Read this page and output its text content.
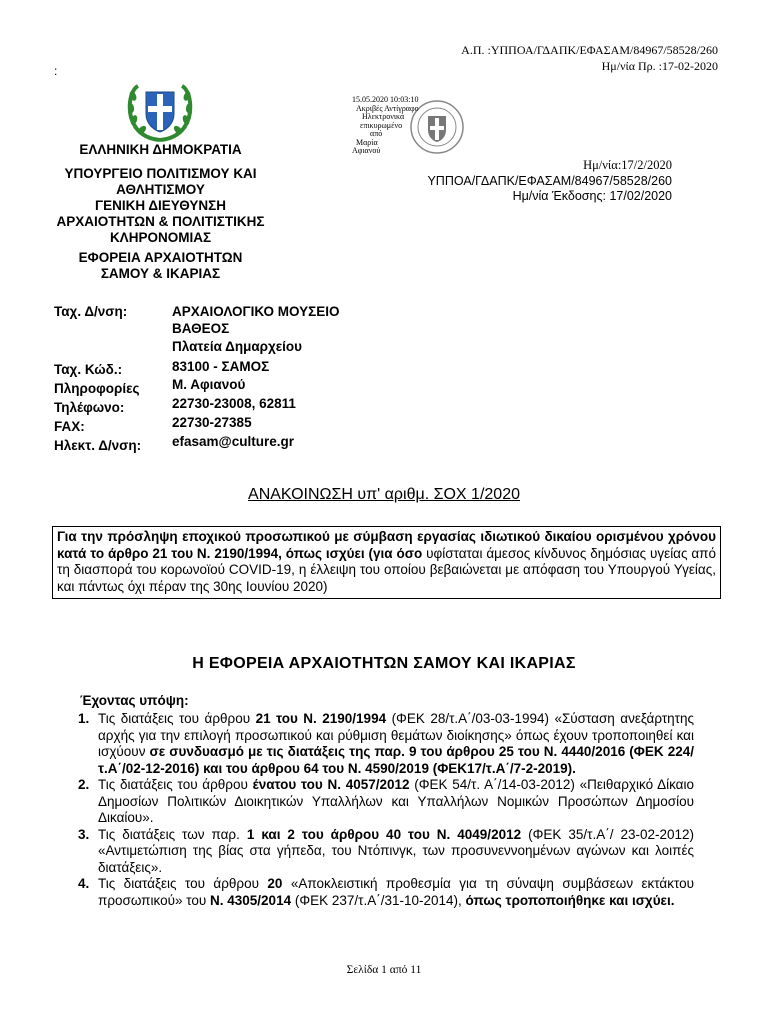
Α.Π. :ΥΠΠΟΑ/ΓΔΑΠΚ/ΕΦΑΣΑΜ/84967/58528/260
Ημ/νία Πρ. :17-02-2020
:
ΕΛΛΗΝΙΚΗ ΔΗΜΟΚΡΑΤΙΑ
ΥΠΟΥΡΓΕΙΟ ΠΟΛΙΤΙΣΜΟΥ ΚΑΙ
ΑΘΛΗΤΙΣΜΟΥ
ΓΕΝΙΚΗ ΔΙΕΥΘΥΝΣΗ
ΑΡΧΑΙΟΤΗΤΩΝ & ΠΟΛΙΤΙΣΤΙΚΗΣ
ΚΛΗΡΟΝΟΜΙΑΣ
ΕΦΟΡΕΙΑ ΑΡΧΑΙΟΤΗΤΩΝ
ΣΑΜΟΥ & ΙΚΑΡΙΑΣ
15.05.2020 10:03:10
Ακριβές Αντίγραφο
Ηλεκτρονικά
επικυρωμένο
από
Μαρία
Αφιανού
Ημ/νία:17/2/2020
ΥΠΠΟΑ/ΓΔΑΠΚ/ΕΦΑΣΑΜ/84967/58528/260
Ημ/νία Έκδοσης: 17/02/2020
Ταχ. Δ/νση:	ΑΡΧΑΙΟΛΟΓΙΚΟ ΜΟΥΣΕΙΟ
ΒΑΘΕΟΣ
Πλατεία Δημαρχείου
Ταχ. Κώδ.:	83100 - ΣΑΜΟΣ
Πληροφορίες Μ. Αφιανού
Τηλέφωνο:	22730-23008, 62811
FAX:	22730-27385
Ηλεκτ. Δ/νση: efasam@culture.gr
ΑΝΑΚΟΙΝΩΣΗ υπ' αριθμ. ΣΟΧ 1/2020
Για την πρόσληψη εποχικού προσωπικού με σύμβαση εργασίας ιδιωτικού δικαίου ορισμένου χρόνου κατά το άρθρο 21 του Ν. 2190/1994, όπως ισχύει (για όσο υφίσταται άμεσος κίνδυνος δημόσιας υγείας από τη διασπορά του κορωνοϊού COVID-19, η έλλειψη του οποίου βεβαιώνεται με απόφαση του Υπουργού Υγείας, και πάντως όχι πέραν της 30ης Ιουνίου 2020)
Η ΕΦΟΡΕΙΑ ΑΡΧΑΙΟΤΗΤΩΝ ΣΑΜΟΥ ΚΑΙ ΙΚΑΡΙΑΣ
Έχοντας υπόψη:
1. Τις διατάξεις του άρθρου 21 του Ν. 2190/1994 (ΦΕΚ 28/τ.Α΄/03-03-1994) «Σύσταση ανεξάρτητης αρχής για την επιλογή προσωπικού και ρύθμιση θεμάτων διοίκησης» όπως έχουν τροποποιηθεί και ισχύουν σε συνδυασμό με τις διατάξεις της παρ. 9 του άρθρου 25 του Ν. 4440/2016 (ΦΕΚ 224/τ.Α΄/02-12-2016) και του άρθρου 64 του Ν. 4590/2019 (ΦΕΚ17/τ.Α΄/7-2-2019).
2. Τις διατάξεις του άρθρου ένατου του Ν. 4057/2012 (ΦΕΚ 54/τ. Α΄/14-03-2012) «Πειθαρχικό Δίκαιο Δημοσίων Πολιτικών Διοικητικών Υπαλλήλων και Υπαλλήλων Νομικών Προσώπων Δημοσίου Δικαίου».
3. Τις διατάξεις των παρ. 1 και 2 του άρθρου 40 του Ν. 4049/2012 (ΦΕΚ 35/τ.Α΄/ 23-02-2012) «Αντιμετώπιση της βίας στα γήπεδα, του Ντόπινγκ, των προσυνεννοημένων αγώνων και λοιπές διατάξεις».
4. Τις διατάξεις του άρθρου 20 «Αποκλειστική προθεσμία για τη σύναψη συμβάσεων εκτάκτου προσωπικού» του Ν. 4305/2014 (ΦΕΚ 237/τ.Α΄/31-10-2014), όπως τροποποιήθηκε και ισχύει.
Σελίδα 1 από 11
